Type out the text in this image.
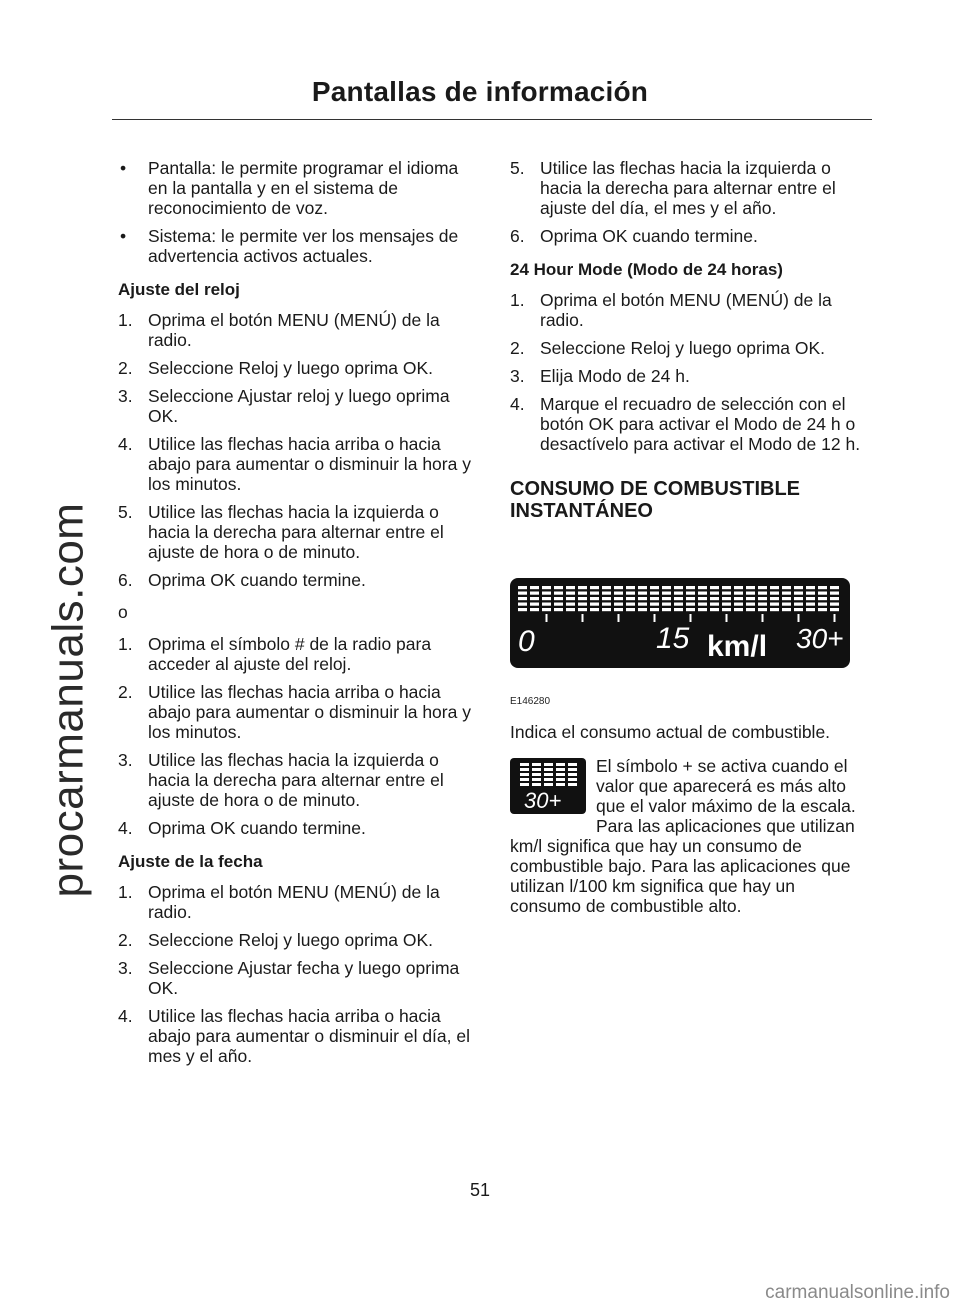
Pantallas de información
procarmanuals.com
• Pantalla: le permite programar el idioma en la pantalla y en el sistema de reconocimiento de voz.
• Sistema: le permite ver los mensajes de advertencia activos actuales.
Ajuste del reloj
1. Oprima el botón MENU (MENÚ) de la radio.
2. Seleccione Reloj y luego oprima OK.
3. Seleccione Ajustar reloj y luego oprima OK.
4. Utilice las flechas hacia arriba o hacia abajo para aumentar o disminuir la hora y los minutos.
5. Utilice las flechas hacia la izquierda o hacia la derecha para alternar entre el ajuste de hora o de minuto.
6. Oprima OK cuando termine.
o
1. Oprima el símbolo # de la radio para acceder al ajuste del reloj.
2. Utilice las flechas hacia arriba o hacia abajo para aumentar o disminuir la hora y los minutos.
3. Utilice las flechas hacia la izquierda o hacia la derecha para alternar entre el ajuste de hora o de minuto.
4. Oprima OK cuando termine.
Ajuste de la fecha
1. Oprima el botón MENU (MENÚ) de la radio.
2. Seleccione Reloj y luego oprima OK.
3. Seleccione Ajustar fecha y luego oprima OK.
4. Utilice las flechas hacia arriba o hacia abajo para aumentar o disminuir el día, el mes y el año.
5. Utilice las flechas hacia la izquierda o hacia la derecha para alternar entre el ajuste del día, el mes y el año.
6. Oprima OK cuando termine.
24 Hour Mode (Modo de 24 horas)
1. Oprima el botón MENU (MENÚ) de la radio.
2. Seleccione Reloj y luego oprima OK.
3. Elija Modo de 24 h.
4. Marque el recuadro de selección con el botón OK para activar el Modo de 24 h o desactívelo para activar el Modo de 12 h.
CONSUMO DE COMBUSTIBLE
INSTANTÁNEO
0	15 km/l 30+
E146280
Indica el consumo actual de combustible.
30+
El símbolo + se activa cuando el valor que aparecerá es más alto que el valor máximo de la escala. Para las aplicaciones que utilizan km/l significa que hay un consumo de combustible bajo. Para las aplicaciones que utilizan l/100 km significa que hay un consumo de combustible alto.
51
carmanualsonline.info
